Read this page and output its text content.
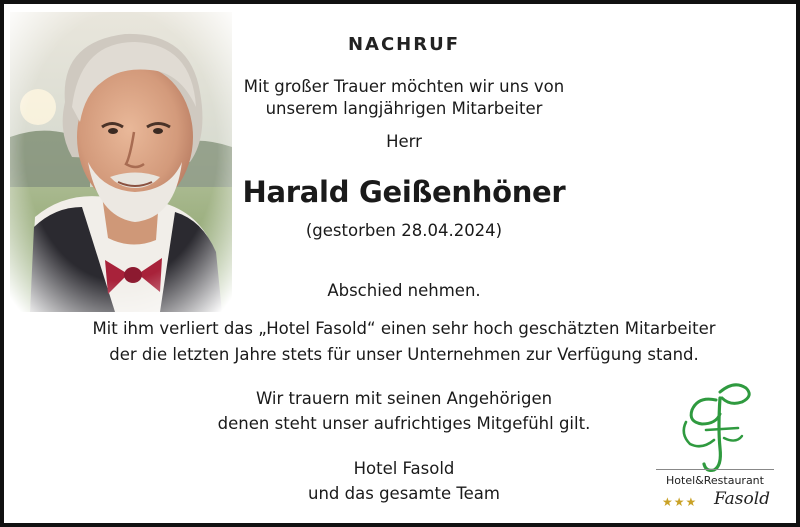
NACHRUF
Mit großer Trauer möchten wir uns von
unserem langjährigen Mitarbeiter
Herr
Harald Geißenhöner
(gestorben 28.04.2024)
Abschied nehmen.
Mit ihm verliert das „Hotel Fasold“ einen sehr hoch geschätzten Mitarbeiter
der die letzten Jahre stets für unser Unternehmen zur Verfügung stand.
Wir trauern mit seinen Angehörigen
denen steht unser aufrichtiges Mitgefühl gilt.
Hotel Fasold
und das gesamte Team
Hotel&Restaurant
★★★ Fasold
